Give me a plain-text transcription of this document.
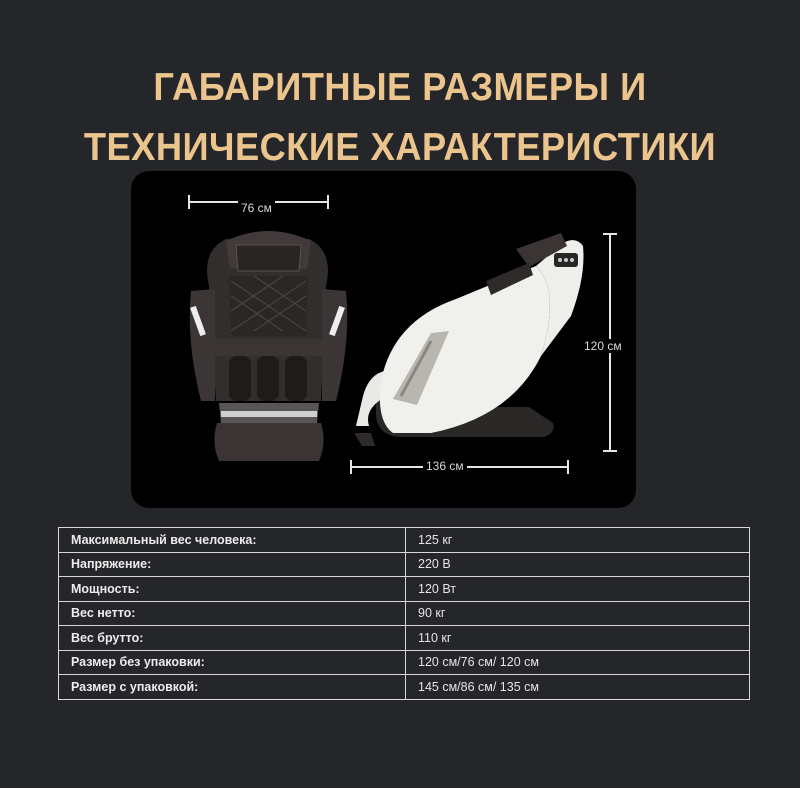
ГАБАРИТНЫЕ РАЗМЕРЫ И
ТЕХНИЧЕСКИЕ ХАРАКТЕРИСТИКИ
76 см
120 см
136 см
Максимальный вес человека:	125 кг
Напряжение:	220 В
Мощность:	120 Вт
Вес нетто:	90 кг
Вес брутто:	110 кг
Размер без упаковки:	120 см/76 см/ 120 см
Размер с упаковкой:	145 см/86 см/ 135 см
